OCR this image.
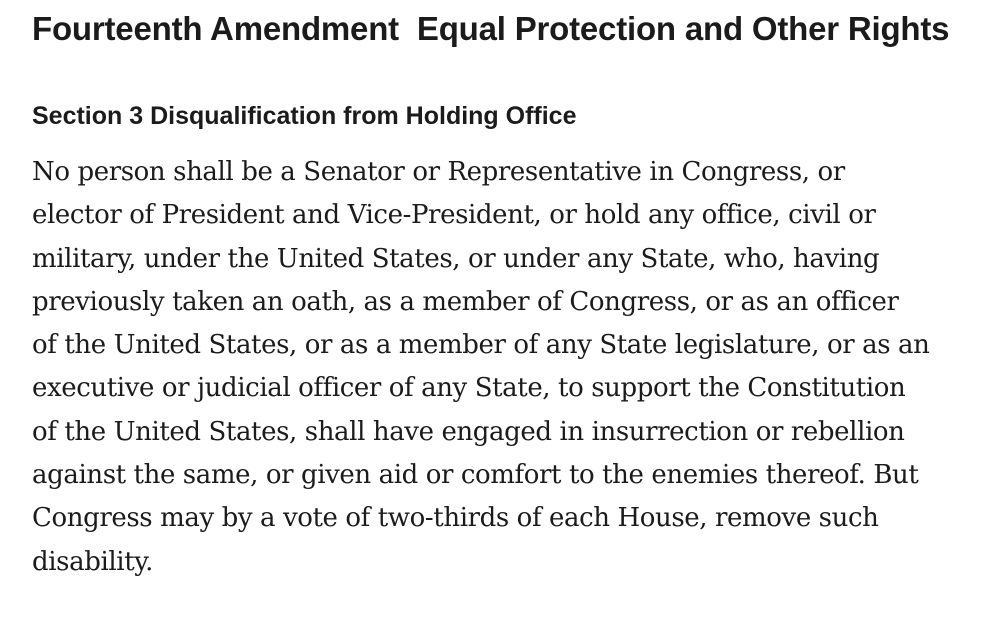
Fourteenth Amendment  Equal Protection and Other Rights
Section 3 Disqualification from Holding Office

No person shall be a Senator or Representative in Congress, or
elector of President and Vice-President, or hold any office, civil or
military, under the United States, or under any State, who, having
previously taken an oath, as a member of Congress, or as an officer
of the United States, or as a member of any State legislature, or as an
executive or judicial officer of any State, to support the Constitution
of the United States, shall have engaged in insurrection or rebellion
against the same, or given aid or comfort to the enemies thereof. But
Congress may by a vote of two-thirds of each House, remove such
disability.
